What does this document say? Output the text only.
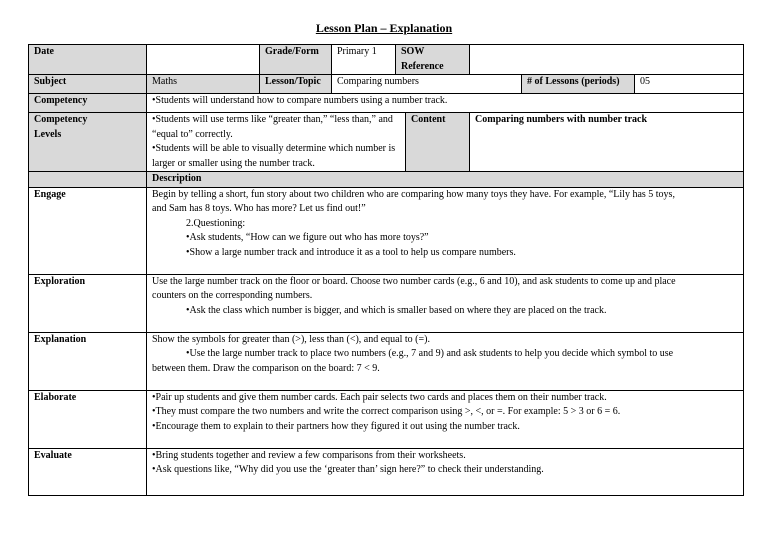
Lesson Plan – Explanation
Date		Grade/Form	Primary 1	SOW Reference				
Subject	Maths	Lesson/Topic	Comparing numbers				# of Lessons (periods)	05
Competency	•Students will understand how to compare numbers using a number track.							

Competency
Levels	•Students will use terms like “greater than,” “less than,” and
“equal to” correctly.
•Students will be able to visually determine which number is
larger or smaller using the number track.				Content	Comparing numbers with number track		
	Description							
Engage	Begin by telling a short, fun story about two children who are comparing how many toys they have. For example, “Lily has 5 toys,
and Sam has 8 toys. Who has more? Let us find out!”
2.Questioning:
•Ask students, “How can we figure out who has more toys?”
•Show a large number track and introduce it as a tool to help us compare numbers.							

Exploration	Use the large number track on the floor or board. Choose two number cards (e.g., 6 and 10), and ask students to come up and place
counters on the corresponding numbers.
•Ask the class which number is bigger, and which is smaller based on where they are placed on the track.							

Explanation	Show the symbols for greater than (>), less than (<), and equal to (=).
•Use the large number track to place two numbers (e.g., 7 and 9) and ask students to help you decide which symbol to use
between them. Draw the comparison on the board: 7 < 9.							

Elaborate	•Pair up students and give them number cards. Each pair selects two cards and places them on their number track.
•They must compare the two numbers and write the correct comparison using >, <, or =. For example: 5 > 3 or 6 = 6.
•Encourage them to explain to their partners how they figured it out using the number track.							

Evaluate	•Bring students together and review a few comparisons from their worksheets.
•Ask questions like, “Why did you use the ‘greater than’ sign here?” to check their understanding.							
